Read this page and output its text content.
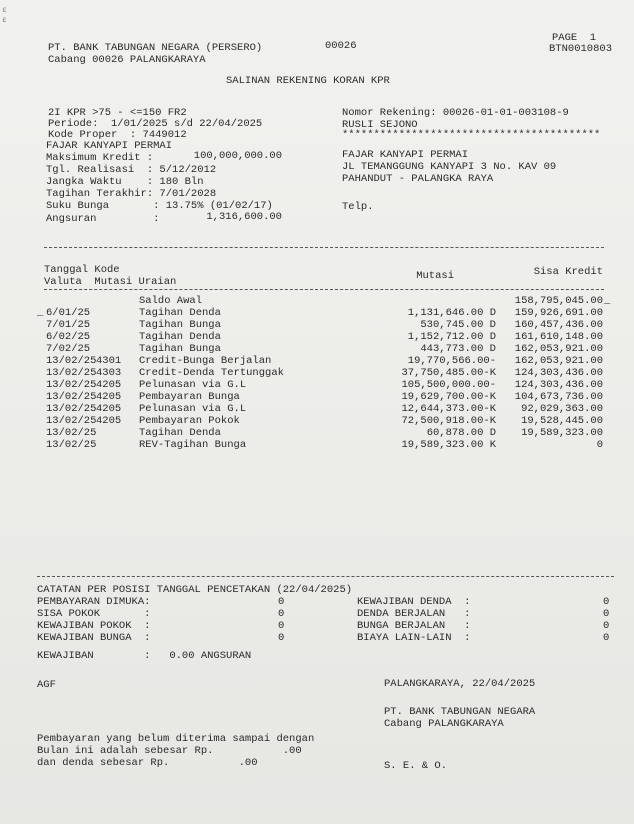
ε
ε
PT. BANK TABUNGAN NEGARA (PERSERO)
Cabang 00026 PALANGKARAYA
00026
PAGE  1
BTN0010803
SALINAN REKENING KORAN KPR
2I KPR >75 - <=150 FR2
Periode:  1/01/2025 s/d 22/04/2025
Kode Proper  : 7449012
FAJAR KANYAPI PERMAI
Maksimum Kredit :	100,000,000.00
Tgl. Realisasi  : 5/12/2012
Jangka Waktu    : 180 Bln
Tagihan Terakhir: 7/01/2028
Suku Bunga       : 13.75% (01/02/17)
Angsuran         :	1,316,600.00
Nomor Rekening: 00026-01-01-003108-9
RUSLI SEJONO
*****************************************
FAJAR KANYAPI PERMAI
JL TEMANGGUNG KANYAPI 3 No. KAV 09
PAHANDUT - PALANGKA RAYA
Telp.
Tanggal Kode
Valuta  Mutasi Uraian	Mutasi	Sisa Kredit
Saldo Awal	158,795,045.00
6/01/25	Tagihan Denda	1,131,646.00 D	159,926,691.00
7/01/25	Tagihan Bunga	530,745.00 D	160,457,436.00
6/02/25	Tagihan Denda	1,152,712.00 D	161,610,148.00
7/02/25	Tagihan Bunga	443,773.00 D	162,053,921.00
13/02/25 4301 Credit-Bunga Berjalan	19,770,566.00-	162,053,921.00
13/02/25 4303 Credit-Denda Tertunggak	37,750,485.00-K	124,303,436.00
13/02/25 4205 Pelunasan via G.L	105,500,000.00-	124,303,436.00
13/02/25 4205 Pembayaran Bunga	19,629,700.00-K	104,673,736.00
13/02/25 4205 Pelunasan via G.L	12,644,373.00-K	92,029,363.00
13/02/25 4205 Pembayaran Pokok	72,500,918.00-K	19,528,445.00
13/02/25	Tagihan Denda	60,878.00 D	19,589,323.00
13/02/25	REV-Tagihan Bunga	19,589,323.00 K	0
_
_
CATATAN PER POSISI TANGGAL PENCETAKAN (22/04/2025)
PEMBAYARAN DIMUKA:	0
SISA POKOK       :	0
KEWAJIBAN POKOK  :	0
KEWAJIBAN BUNGA  :	0
KEWAJIBAN DENDA  :	0
DENDA BERJALAN   :	0
BUNGA BERJALAN   :	0
BIAYA LAIN-LAIN  :	0
KEWAJIBAN        :   0.00 ANGSURAN
AGF	PALANGKARAYA, 22/04/2025
PT. BANK TABUNGAN NEGARA
Cabang PALANGKARAYA
Pembayaran yang belum diterima sampai dengan
Bulan ini adalah sebesar Rp.           .00
dan denda sebesar Rp.           .00	S. E. & O.
